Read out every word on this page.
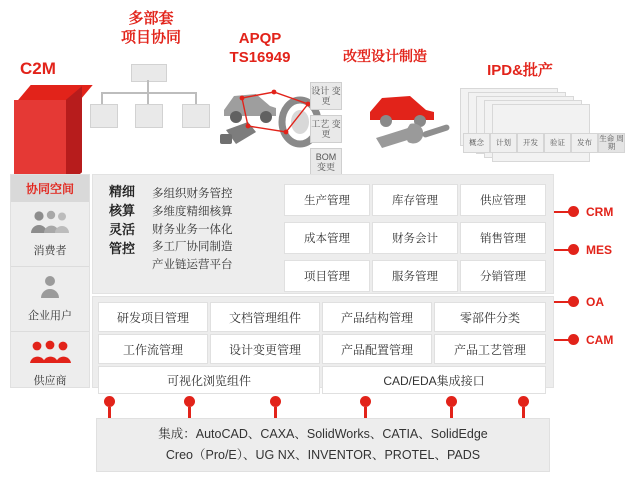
多部套
项目协同	APQP
TS16949	改型设计制造
IPD&批产
C2M
设计 变更
工艺 变更
BOM 变更
概念 计划 开发 验证 发布 生命 周期
协同空间
消费者
企业用户
供应商
精细
核算
灵活
管控
多组织财务管控
多维度精细核算
财务业务一体化
多工厂协同制造
产业链运营平台
生产管理	库存管理	供应管理
成本管理	财务会计	销售管理
项目管理	服务管理	分销管理
研发项目管理	文档管理组件	产品结构管理	零部件分类
工作流管理	设计变更管理	产品配置管理	产品工艺管理
可视化浏览组件	CAD/EDA集成接口
CRM
MES
OA
CAM
集成：AutoCAD、CAXA、SolidWorks、CATIA、SolidEdge
Creo（Pro/E）、UG NX、INVENTOR、PROTEL、PADS
